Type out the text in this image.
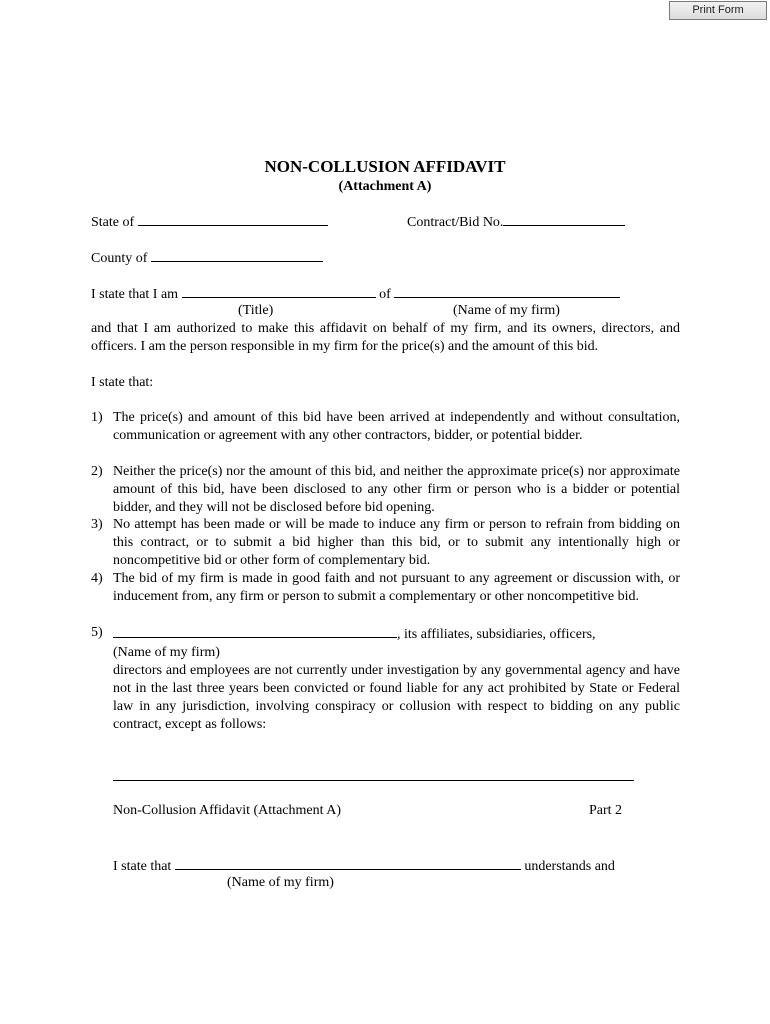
Print Form
NON-COLLUSION AFFIDAVIT
(Attachment A)
State of	Contract/Bid No.
County of
I state that I am	of
(Title)	(Name of my firm)
and that I am authorized to make this affidavit on behalf of my firm, and its owners, directors, and officers. I am the person responsible in my firm for the price(s) and the amount of this bid.
I state that:
1) The price(s) and amount of this bid have been arrived at independently and without consultation, communication or agreement with any other contractors, bidder, or potential bidder.
2) Neither the price(s) nor the amount of this bid, and neither the approximate price(s) nor approximate amount of this bid, have been disclosed to any other firm or person who is a bidder or potential bidder, and they will not be disclosed before bid opening.
3) No attempt has been made or will be made to induce any firm or person to refrain from bidding on this contract, or to submit a bid higher than this bid, or to submit any intentionally high or noncompetitive bid or other form of complementary bid.
4) The bid of my firm is made in good faith and not pursuant to any agreement or discussion with, or inducement from, any firm or person to submit a complementary or other noncompetitive bid.
5)	, its affiliates, subsidiaries, officers,
(Name of my firm)
directors and employees are not currently under investigation by any governmental agency and have not in the last three years been convicted or found liable for any act prohibited by State or Federal law in any jurisdiction, involving conspiracy or collusion with respect to bidding on any public contract, except as follows:
Non-Collusion Affidavit (Attachment A)	Part 2
I state that	understands and
(Name of my firm)
